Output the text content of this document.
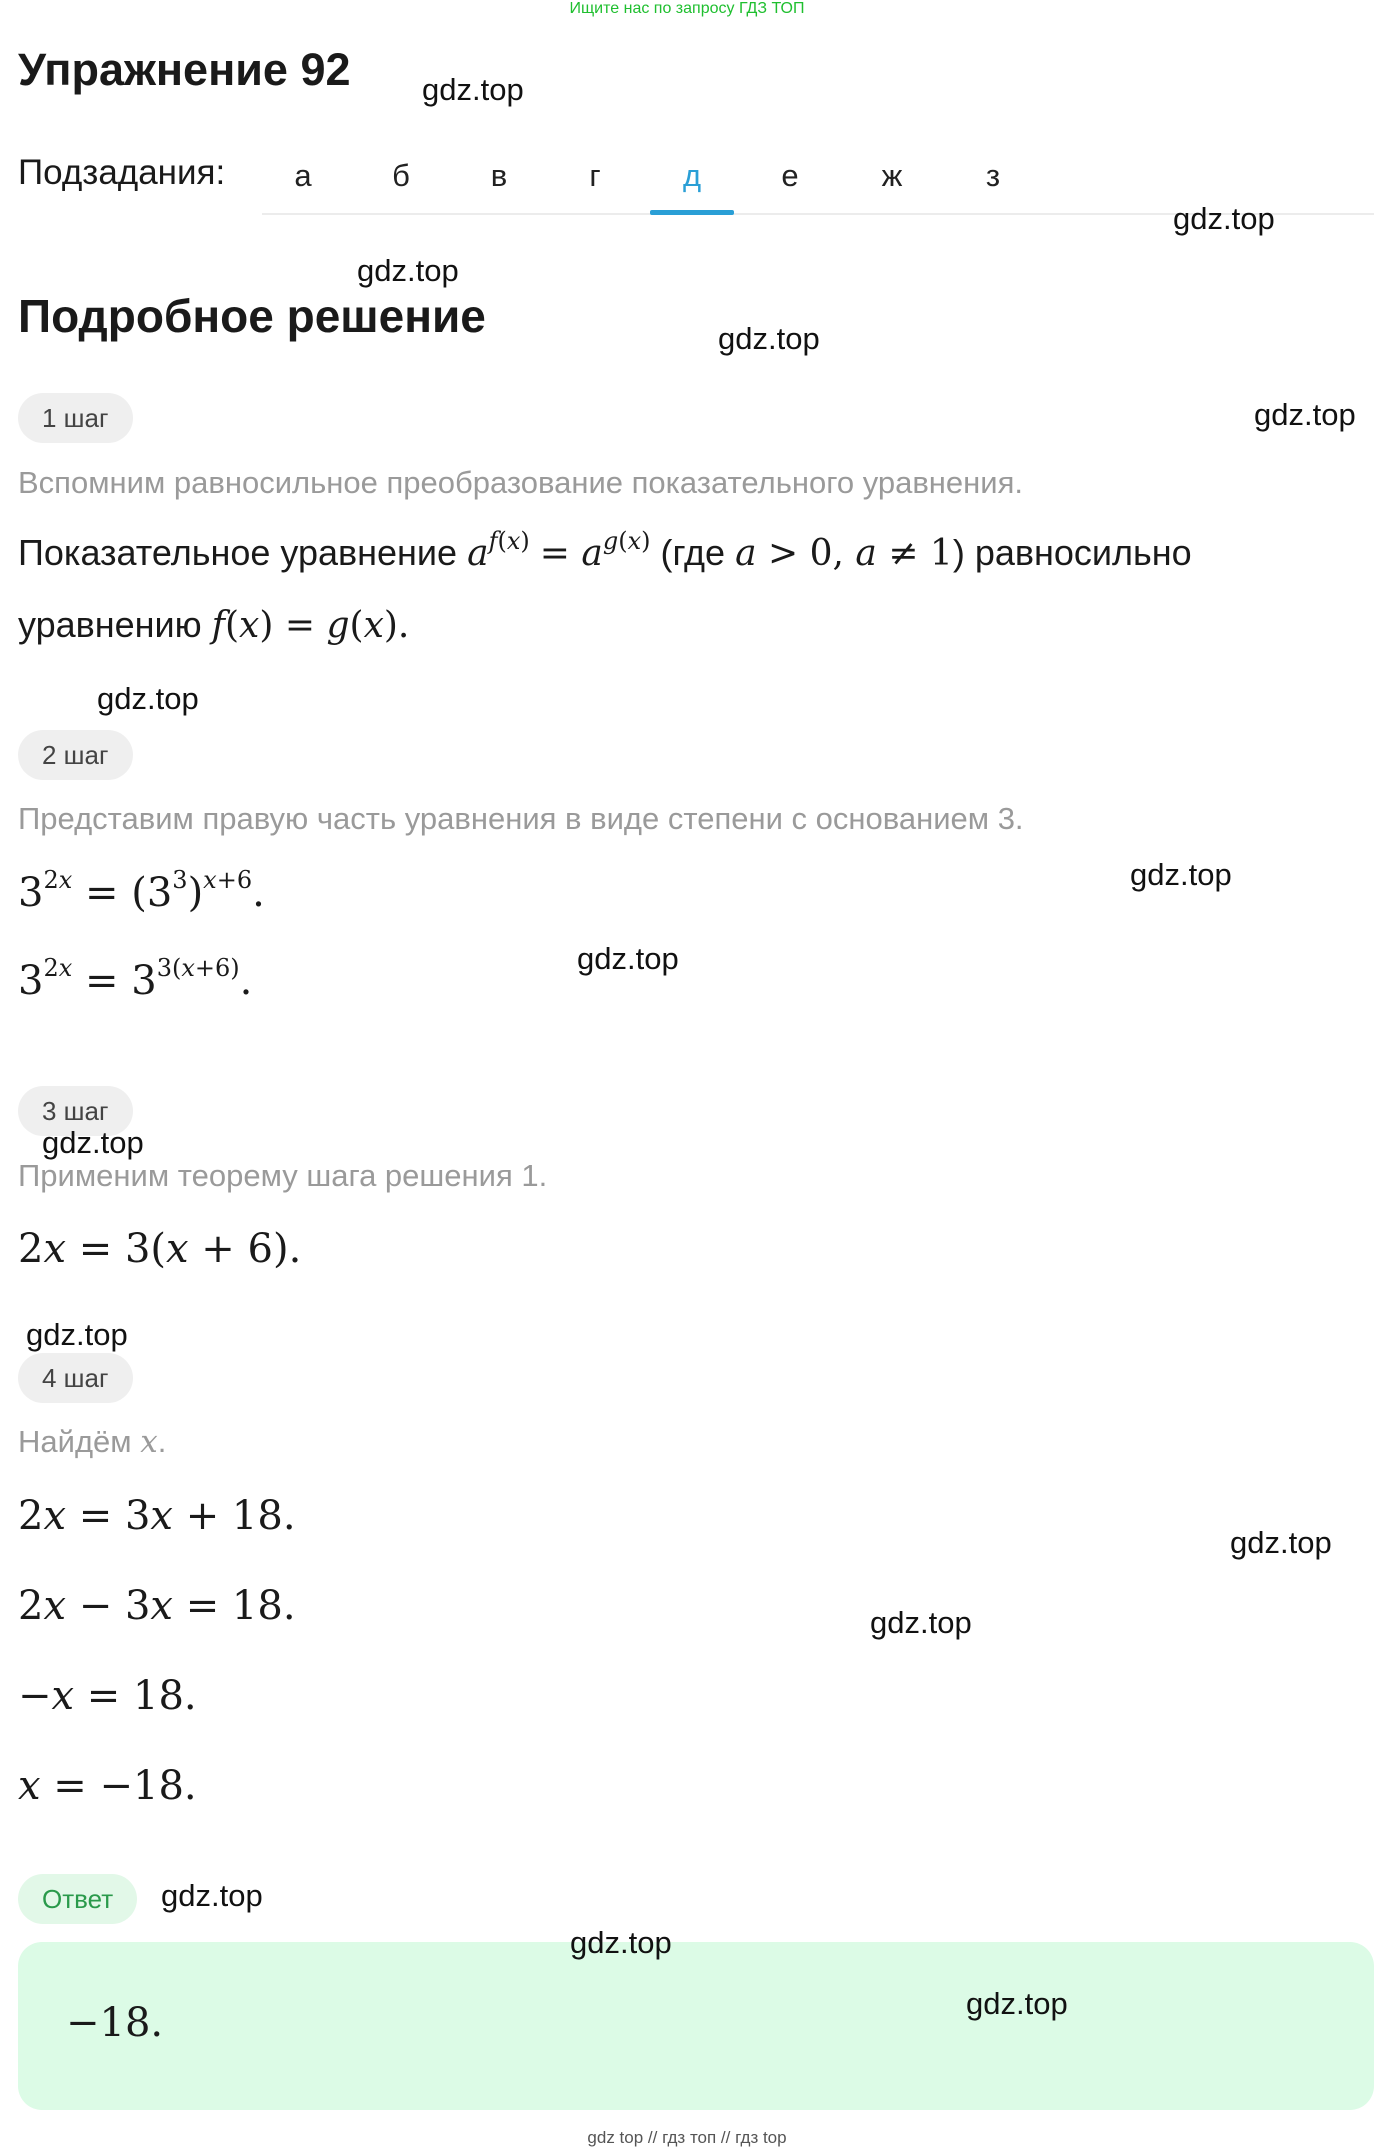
Ищите нас по запросу ГДЗ ТОП
Упражнение 92
Подзадания:	а	б	в	г	д	е	ж	з
Подробное решение
1 шаг
Вспомним равносильное преобразование показательного уравнения.
Показательное уравнение $a^{f(x)} = a^{g(x)}$ (где a > 0, a ≠ 1) равносильно
уравнению f(x) = g(x).
2 шаг
Представим правую часть уравнения в виде степени с основанием 3.
$3^{2x} = (3^3)^{x+6}$.
$3^{2x} = 3^{3(x+6)}$.
3 шаг
Применим теорему шага решения 1.
2x = 3(x + 6).
4 шаг
Найдём x.
2x = 3x + 18.
2x − 3x = 18.
−x = 18.
x = −18.
Ответ
−18.
gdz.top
gdz.top
gdz.top
gdz.top
gdz.top
gdz.top
gdz.top
gdz.top
gdz.top
gdz.top
gdz.top
gdz.top
gdz.top
gdz.top
gdz.top
gdz top // гдз топ // гдз top
